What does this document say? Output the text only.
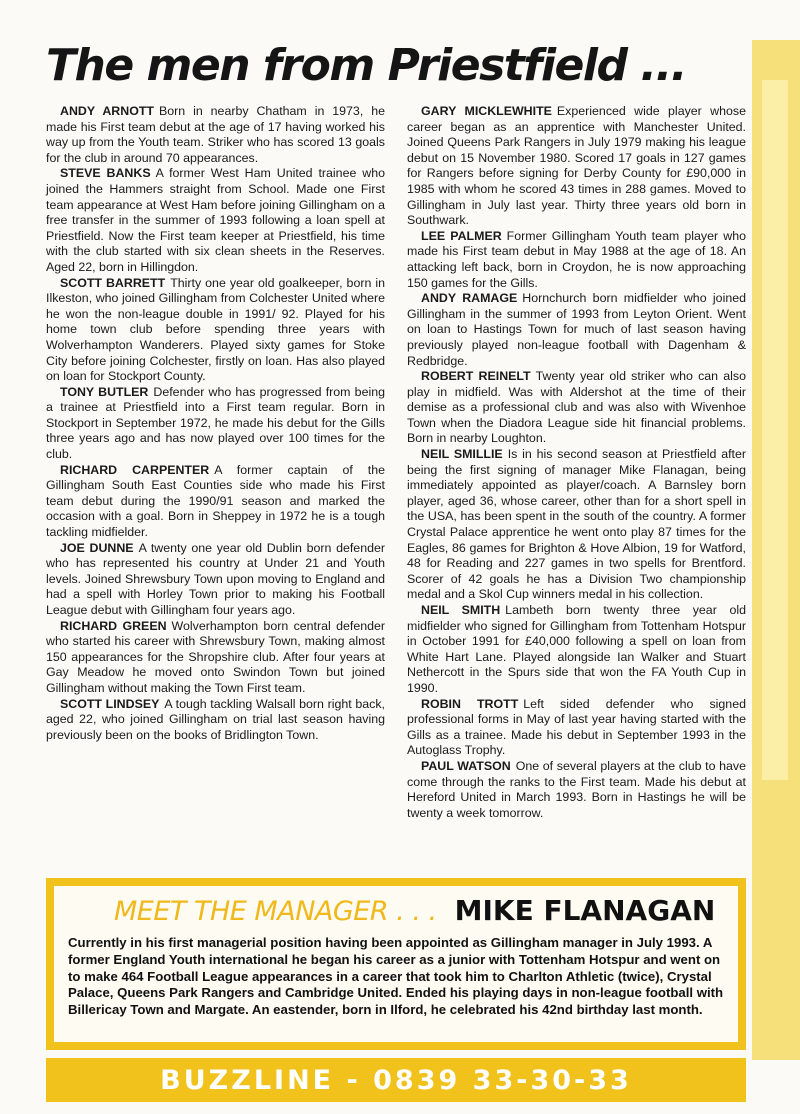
The men from Priestfield ...

ANDY ARNOTT Born in nearby Chatham in 1973, he made his First team debut at the age of 17 having worked his way up from the Youth team. Striker who has scored 13 goals for the club in around 70 appearances.

STEVE BANKS A former West Ham United trainee who joined the Hammers straight from School. Made one First team appearance at West Ham before joining Gillingham on a free transfer in the summer of 1993 following a loan spell at Priestfield. Now the First team keeper at Priestfield, his time with the club started with six clean sheets in the Reserves. Aged 22, born in Hillingdon.

SCOTT BARRETT Thirty one year old goalkeeper, born in Ilkeston, who joined Gillingham from Colchester United where he won the non-league double in 1991/ 92. Played for his home town club before spending three years with Wolverhampton Wanderers. Played sixty games for Stoke City before joining Colchester, firstly on loan. Has also played on loan for Stockport County.

TONY BUTLER Defender who has progressed from being a trainee at Priestfield into a First team regular. Born in Stockport in September 1972, he made his debut for the Gills three years ago and has now played over 100 times for the club.

RICHARD CARPENTER A former captain of the Gillingham South East Counties side who made his First team debut during the 1990/91 season and marked the occasion with a goal. Born in Sheppey in 1972 he is a tough tackling midfielder.

JOE DUNNE A twenty one year old Dublin born defender who has represented his country at Under 21 and Youth levels. Joined Shrewsbury Town upon moving to England and had a spell with Horley Town prior to making his Football League debut with Gillingham four years ago.

RICHARD GREEN Wolverhampton born central defender who started his career with Shrewsbury Town, making almost 150 appearances for the Shropshire club. After four years at Gay Meadow he moved onto Swindon Town but joined Gillingham without making the Town First team.

SCOTT LINDSEY A tough tackling Walsall born right back, aged 22, who joined Gillingham on trial last season having previously been on the books of Bridlington Town.

GARY MICKLEWHITE Experienced wide player whose career began as an apprentice with Manchester United. Joined Queens Park Rangers in July 1979 making his league debut on 15 November 1980. Scored 17 goals in 127 games for Rangers before signing for Derby County for £90,000 in 1985 with whom he scored 43 times in 288 games. Moved to Gillingham in July last year. Thirty three years old born in Southwark.

LEE PALMER Former Gillingham Youth team player who made his First team debut in May 1988 at the age of 18. An attacking left back, born in Croydon, he is now approaching 150 games for the Gills.

ANDY RAMAGE Hornchurch born midfielder who joined Gillingham in the summer of 1993 from Leyton Orient. Went on loan to Hastings Town for much of last season having previously played non-league football with Dagenham & Redbridge.

ROBERT REINELT Twenty year old striker who can also play in midfield. Was with Aldershot at the time of their demise as a professional club and was also with Wivenhoe Town when the Diadora League side hit financial problems. Born in nearby Loughton.

NEIL SMILLIE Is in his second season at Priestfield after being the first signing of manager Mike Flanagan, being immediately appointed as player/coach. A Barnsley born player, aged 36, whose career, other than for a short spell in the USA, has been spent in the south of the country. A former Crystal Palace apprentice he went onto play 87 times for the Eagles, 86 games for Brighton & Hove Albion, 19 for Watford, 48 for Reading and 227 games in two spells for Brentford. Scorer of 42 goals he has a Division Two championship medal and a Skol Cup winners medal in his collection.

NEIL SMITH Lambeth born twenty three year old midfielder who signed for Gillingham from Tottenham Hotspur in October 1991 for £40,000 following a spell on loan from White Hart Lane. Played alongside Ian Walker and Stuart Nethercott in the Spurs side that won the FA Youth Cup in 1990.

ROBIN TROTT Left sided defender who signed professional forms in May of last year having started with the Gills as a trainee. Made his debut in September 1993 in the Autoglass Trophy.

PAUL WATSON One of several players at the club to have come through the ranks to the First team. Made his debut at Hereford United in March 1993. Born in Hastings he will be twenty a week tomorrow.

MEET THE MANAGER . . . MIKE FLANAGAN

Currently in his first managerial position having been appointed as Gillingham manager in July 1993. A former England Youth international he began his career as a junior with Tottenham Hotspur and went on to make 464 Football League appearances in a career that took him to Charlton Athletic (twice), Crystal Palace, Queens Park Rangers and Cambridge United. Ended his playing days in non-league football with Billericay Town and Margate. An eastender, born in Ilford, he celebrated his 42nd birthday last month.

BUZZLINE - 0839 33-30-33
